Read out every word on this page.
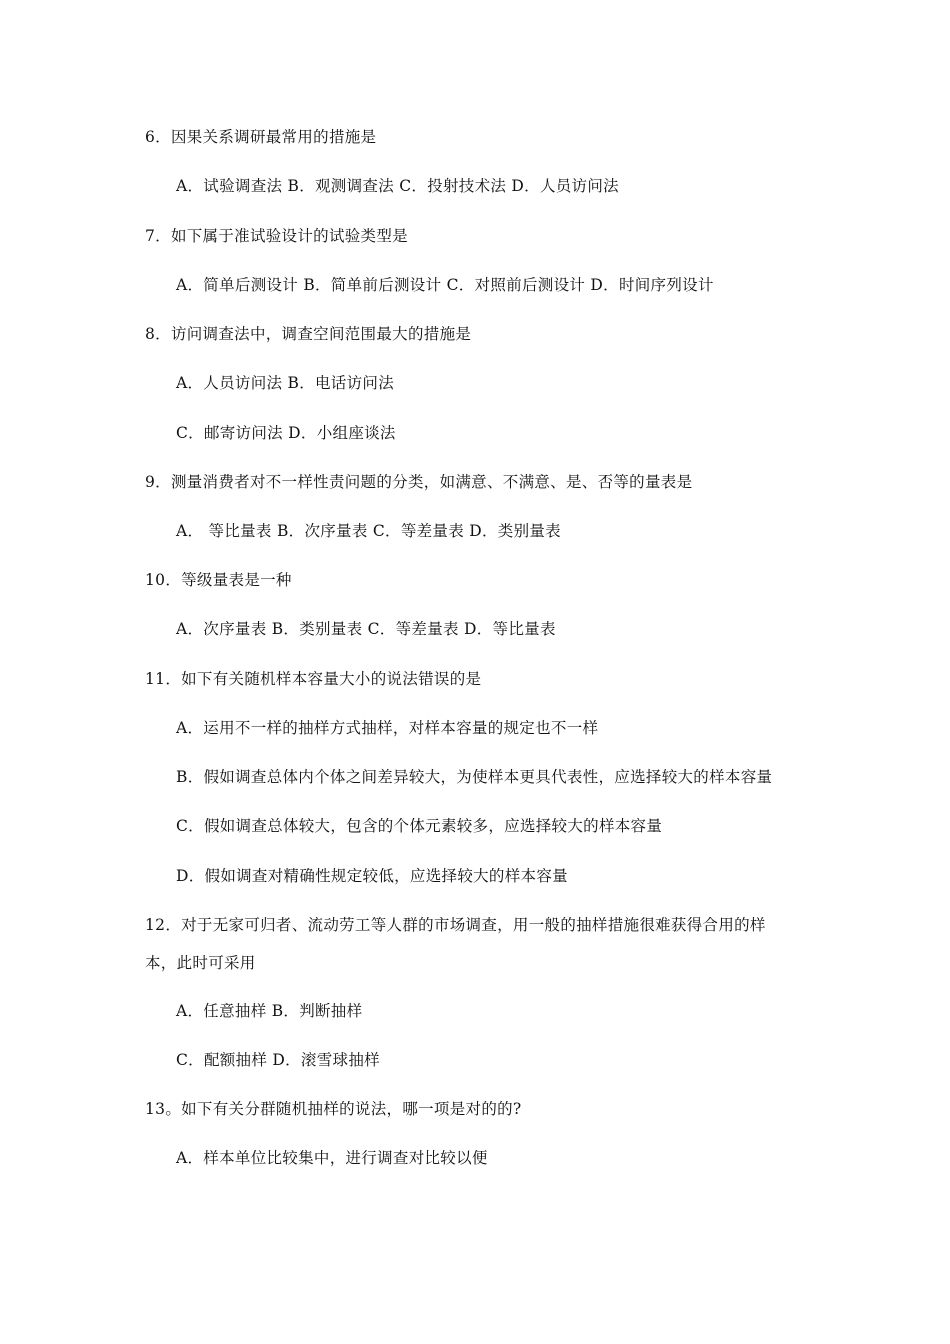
6．因果关系调研最常用的措施是
A．试验调查法 B．观测调查法 C．投射技术法 D．人员访问法
7．如下属于准试验设计的试验类型是
A．简单后测设计 B．简单前后测设计 C．对照前后测设计 D．时间序列设计
8．访问调查法中，调查空间范围最大的措施是
A．人员访问法 B．电话访问法
C．邮寄访问法 D．小组座谈法
9．测量消费者对不一样性责问题的分类，如满意、不满意、是、否等的量表是
A． 等比量表 B．次序量表 C．等差量表 D．类别量表
10．等级量表是一种
A．次序量表 B．类别量表 C．等差量表 D．等比量表
11．如下有关随机样本容量大小的说法错误的是
A．运用不一样的抽样方式抽样，对样本容量的规定也不一样
B．假如调查总体内个体之间差异较大，为使样本更具代表性，应选择较大的样本容量
C．假如调查总体较大，包含的个体元素较多，应选择较大的样本容量
D．假如调查对精确性规定较低，应选择较大的样本容量
12．对于无家可归者、流动劳工等人群的市场调查，用一般的抽样措施很难获得合用的样
本，此时可采用
A．任意抽样 B．判断抽样
C．配额抽样 D．滚雪球抽样
13。如下有关分群随机抽样的说法，哪一项是对的的?
A．样本单位比较集中，进行调查对比较以便
